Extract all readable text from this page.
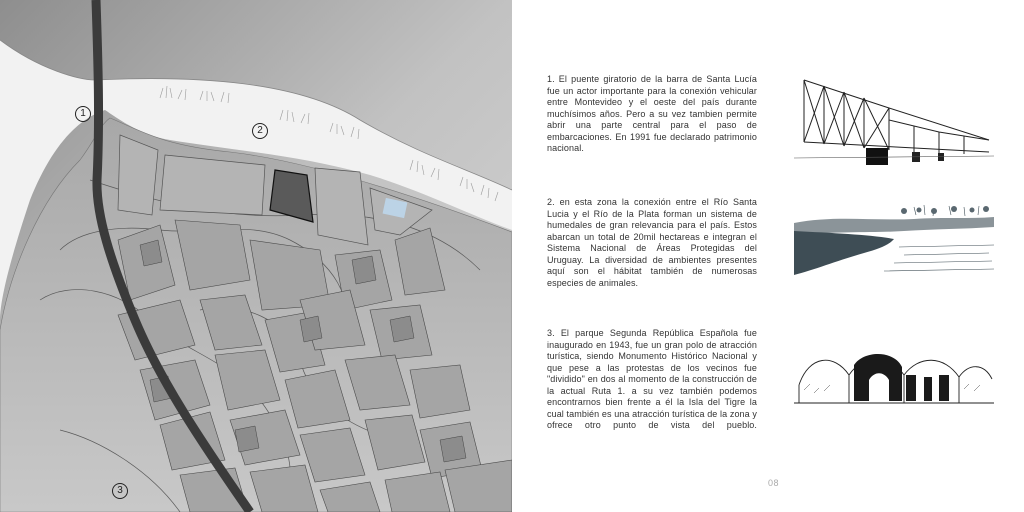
1
2
3

1. El puente giratorio de la barra de Santa Lucía fue un actor importante para la conexión vehicular entre Montevideo y el oeste del país durante muchísimos años. Pero a su vez tambien permite abrir una parte central para el paso de embarcaciones. En 1991 fue declarado patrimonio nacional.

2. en esta zona la conexión entre el Río Santa Lucia y el Río de la Plata forman un sistema de humedales de gran relevancia para el país. Estos abarcan un total de 20mil hectareas e integran el Sistema Nacional de Áreas Protegidas del Uruguay. La diversidad de ambientes presentes aquí son el hábitat también de numerosas especies de animales.

3. El parque Segunda República Española fue inaugurado en 1943, fue un gran polo de atracción turística, siendo Monumento Histórico Nacional y que pese a las protestas de los vecinos fue "dividido" en dos al momento de la construcción de la actual Ruta 1. a su vez también podemos encontrarnos bien frente a él la Isla del Tigre la cual también es una atracción turística de la zona y ofrece otro punto de vista del pueblo.

08
